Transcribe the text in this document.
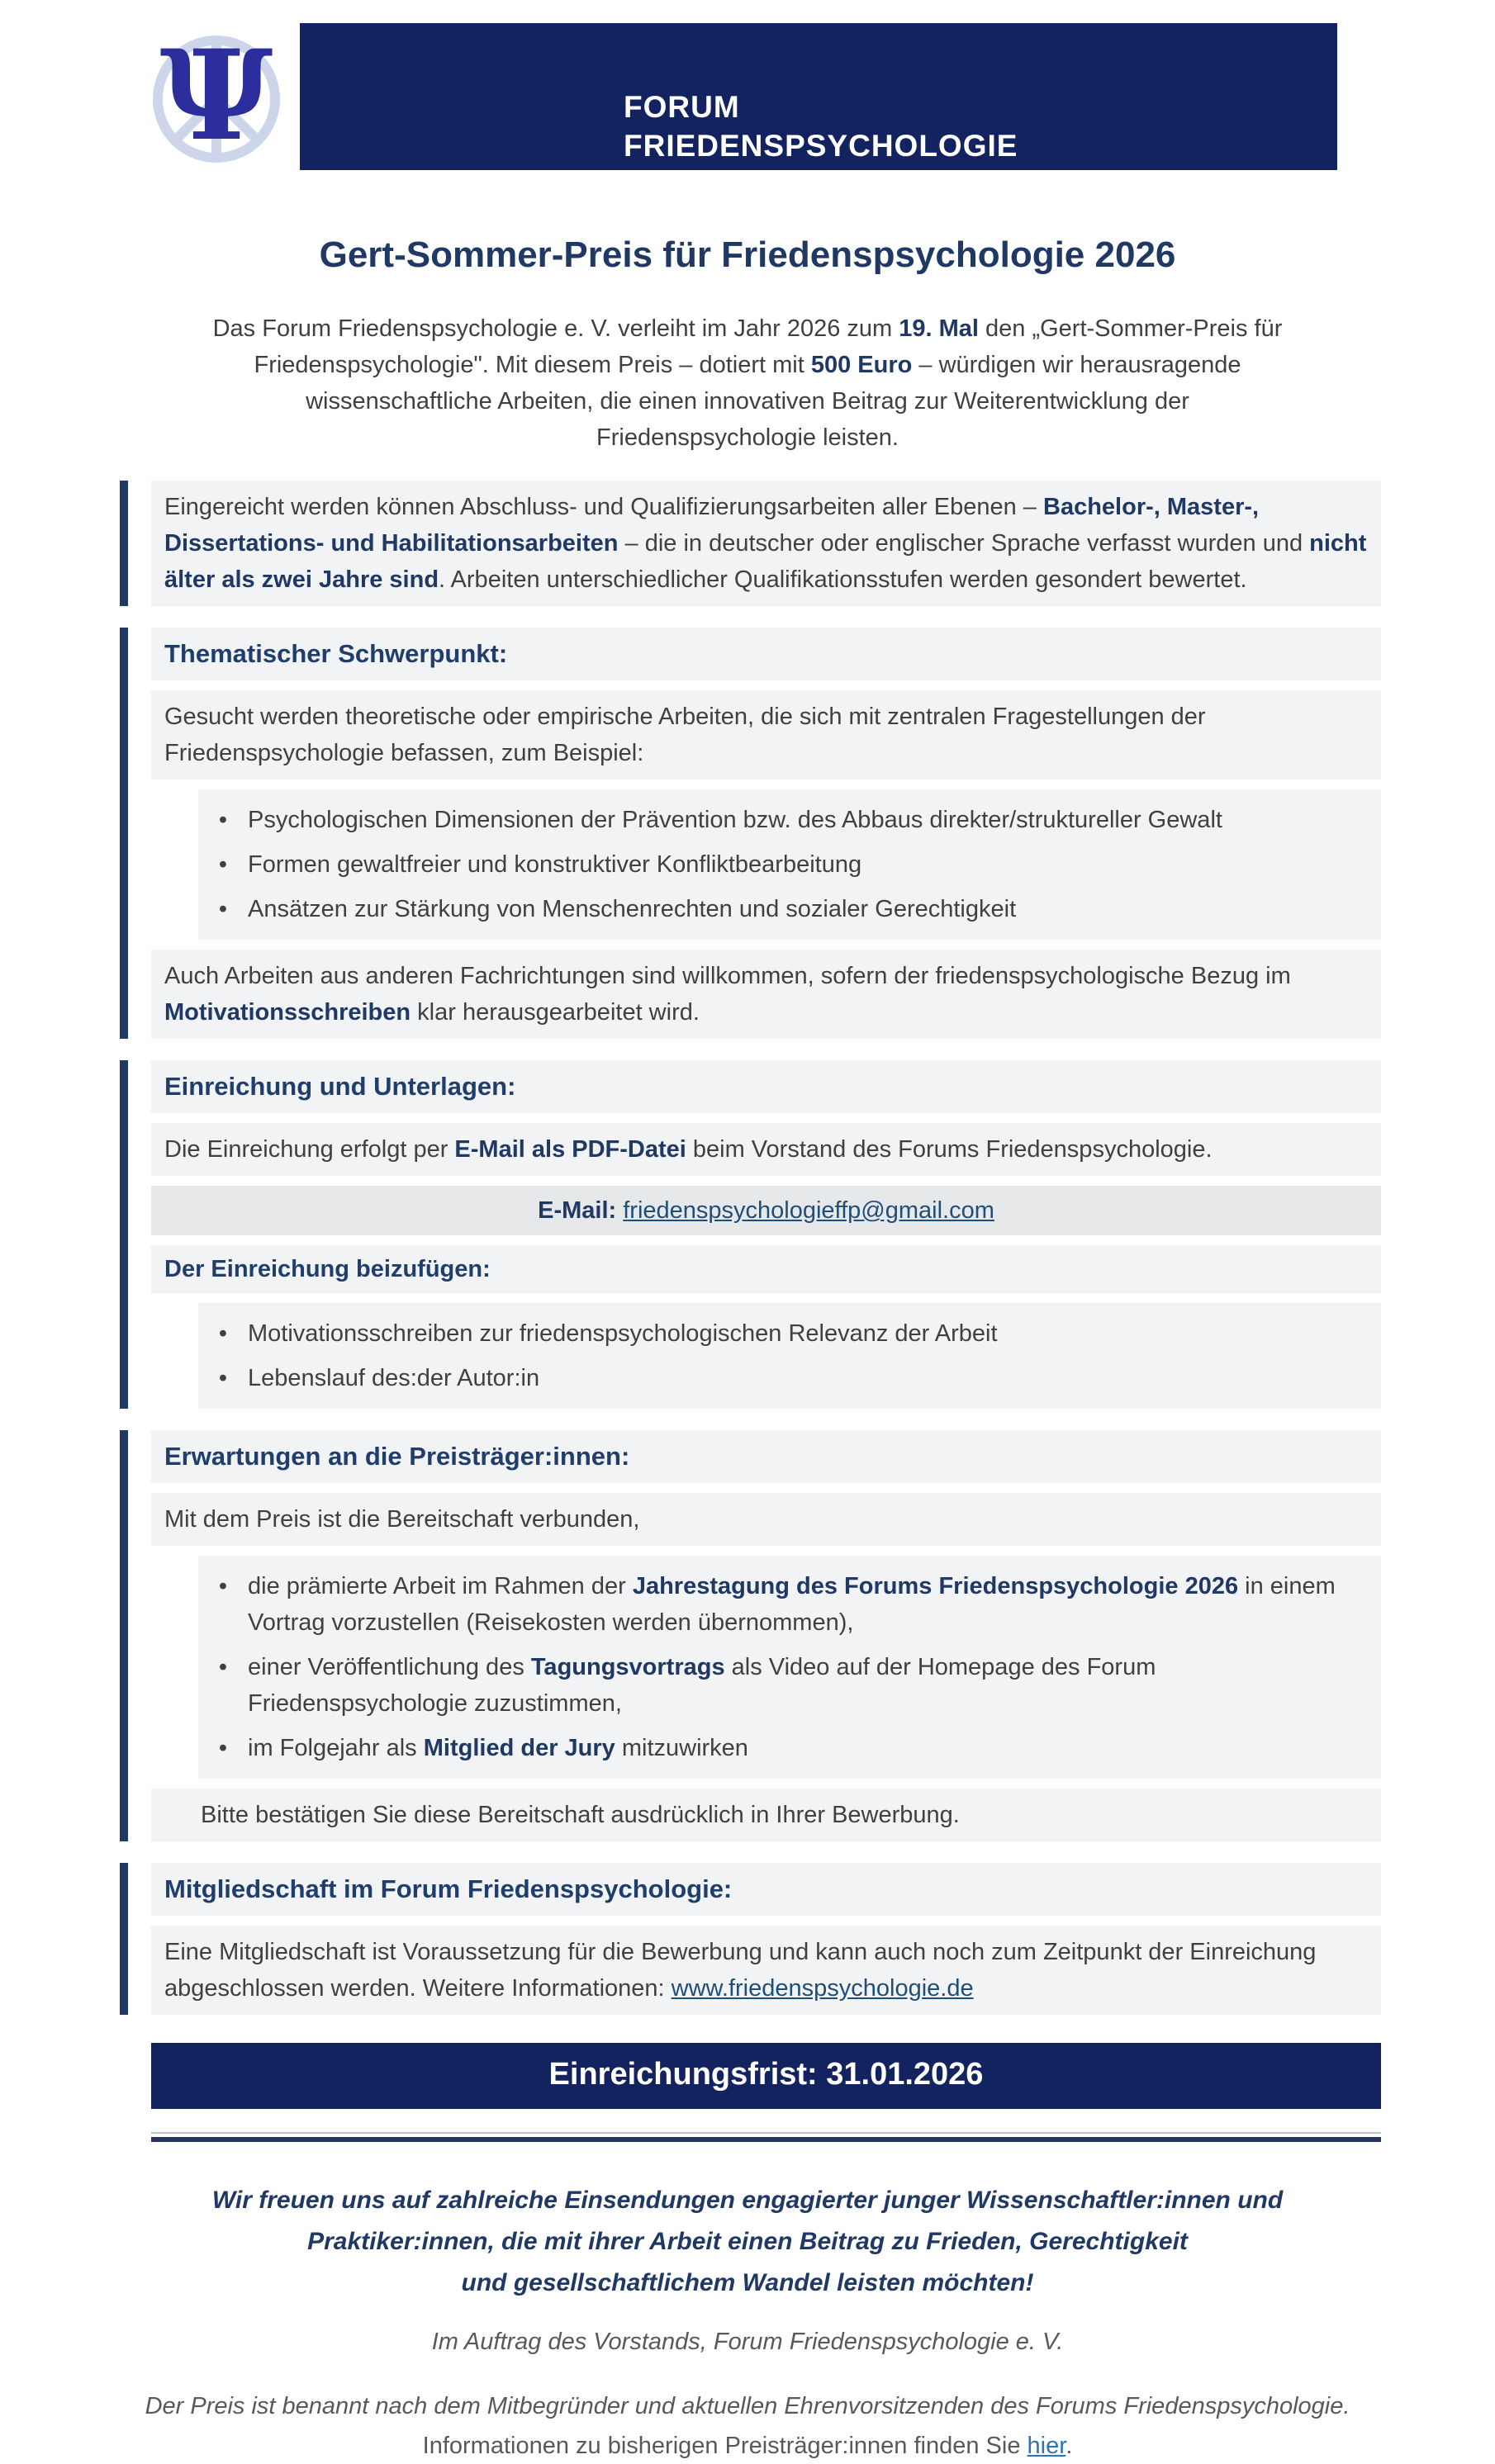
FORUM
FRIEDENSPSYCHOLOGIE
Ψ
Gert-Sommer-Preis für Friedenspsychologie 2026
Das Forum Friedenspsychologie e. V. verleiht im Jahr 2026 zum 19. Mal den „Gert-Sommer-Preis für Friedenspsychologie". Mit diesem Preis – dotiert mit 500 Euro – würdigen wir herausragende wissenschaftliche Arbeiten, die einen innovativen Beitrag zur Weiterentwicklung der Friedenspsychologie leisten.
Eingereicht werden können Abschluss- und Qualifizierungsarbeiten aller Ebenen – Bachelor-, Master-, Dissertations- und Habilitationsarbeiten – die in deutscher oder englischer Sprache verfasst wurden und nicht älter als zwei Jahre sind. Arbeiten unterschiedlicher Qualifikationsstufen werden gesondert bewertet.
Thematischer Schwerpunkt:
Gesucht werden theoretische oder empirische Arbeiten, die sich mit zentralen Fragestellungen der Friedenspsychologie befassen, zum Beispiel:
• Psychologischen Dimensionen der Prävention bzw. des Abbaus direkter/struktureller Gewalt
• Formen gewaltfreier und konstruktiver Konfliktbearbeitung
• Ansätzen zur Stärkung von Menschenrechten und sozialer Gerechtigkeit
Auch Arbeiten aus anderen Fachrichtungen sind willkommen, sofern der friedenspsychologische Bezug im Motivationsschreiben klar herausgearbeitet wird.
Einreichung und Unterlagen:
Die Einreichung erfolgt per E-Mail als PDF-Datei beim Vorstand des Forums Friedenspsychologie.
E-Mail: friedenspsychologieffp@gmail.com
Der Einreichung beizufügen:
• Motivationsschreiben zur friedenspsychologischen Relevanz der Arbeit
• Lebenslauf des:der Autor:in
Erwartungen an die Preisträger:innen:
Mit dem Preis ist die Bereitschaft verbunden,
• die prämierte Arbeit im Rahmen der Jahrestagung des Forums Friedenspsychologie 2026 in einem Vortrag vorzustellen (Reisekosten werden übernommen),
• einer Veröffentlichung des Tagungsvortrags als Video auf der Homepage des Forum Friedenspsychologie zuzustimmen,
• im Folgejahr als Mitglied der Jury mitzuwirken
Bitte bestätigen Sie diese Bereitschaft ausdrücklich in Ihrer Bewerbung.
Mitgliedschaft im Forum Friedenspsychologie:
Eine Mitgliedschaft ist Voraussetzung für die Bewerbung und kann auch noch zum Zeitpunkt der Einreichung abgeschlossen werden. Weitere Informationen: www.friedenspsychologie.de
Einreichungsfrist: 31.01.2026
Wir freuen uns auf zahlreiche Einsendungen engagierter junger Wissenschaftler:innen und
Praktiker:innen, die mit ihrer Arbeit einen Beitrag zu Frieden, Gerechtigkeit
und gesellschaftlichem Wandel leisten möchten!
Im Auftrag des Vorstands, Forum Friedenspsychologie e. V.
Der Preis ist benannt nach dem Mitbegründer und aktuellen Ehrenvorsitzenden des Forums Friedenspsychologie.
Informationen zu bisherigen Preisträger:innen finden Sie hier.
